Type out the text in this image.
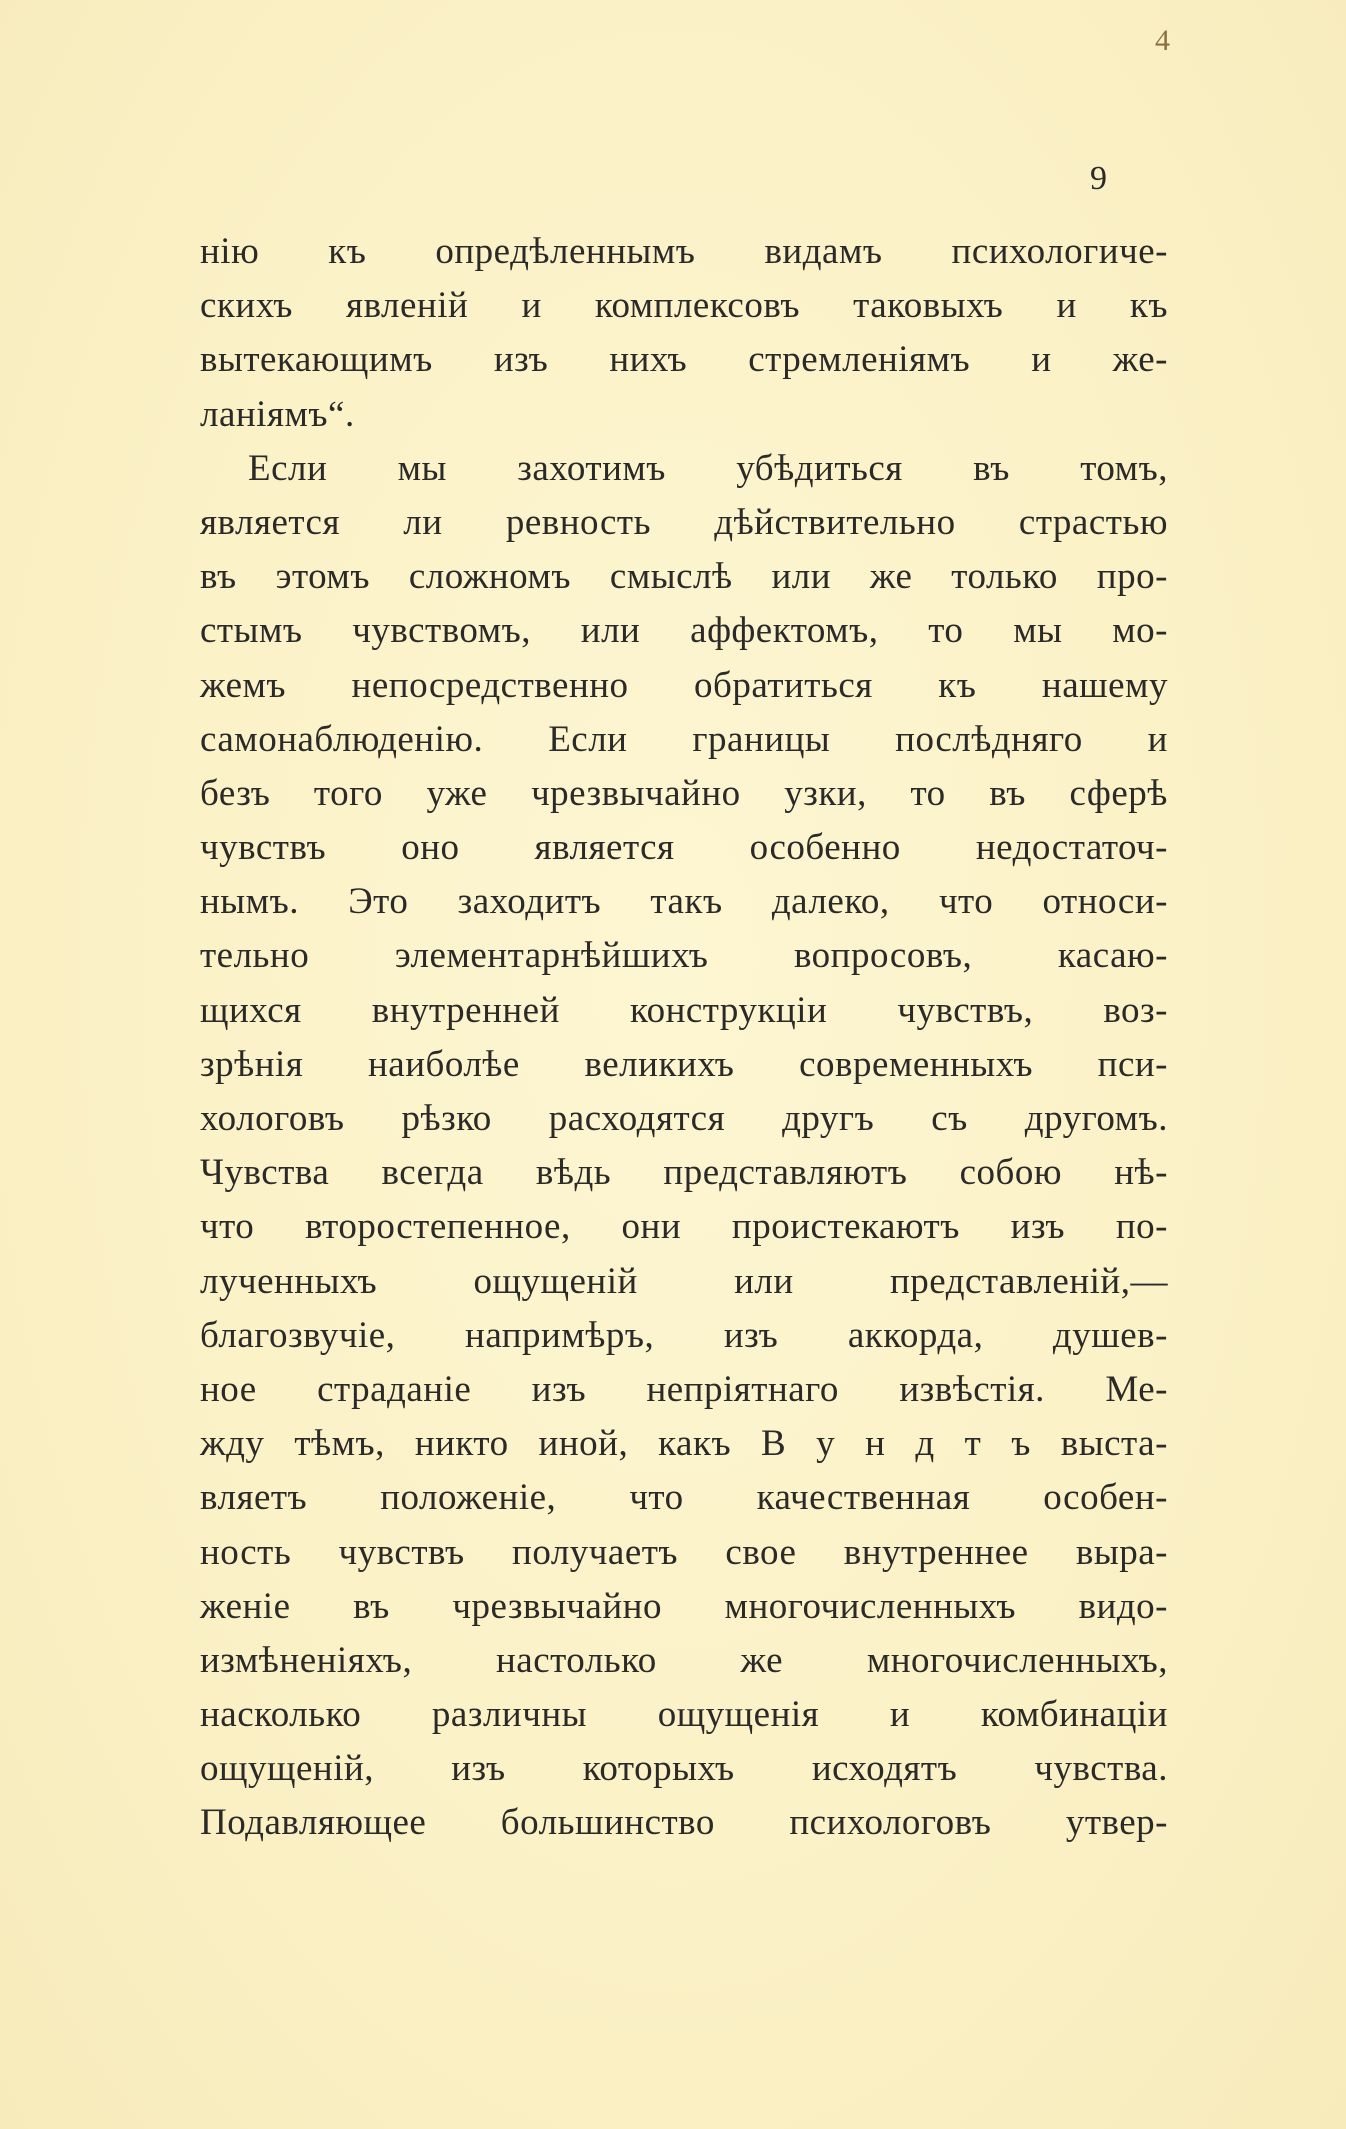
4
9
нію къ опредѣленнымъ видамъ психологиче-
скихъ явленій и комплексовъ таковыхъ и къ
вытекающимъ изъ нихъ стремленіямъ и же-
ланіямъ“.
Если мы захотимъ убѣдиться въ томъ,
является ли ревность дѣйствительно страстью
въ этомъ сложномъ смыслѣ или же только про-
стымъ чувствомъ, или аффектомъ, то мы мо-
жемъ непосредственно обратиться къ нашему
самонаблюденію. Если границы послѣдняго и
безъ того уже чрезвычайно узки, то въ сферѣ
чувствъ оно является особенно недостаточ-
нымъ. Это заходитъ такъ далеко, что относи-
тельно элементарнѣйшихъ вопросовъ, касаю-
щихся внутренней конструкціи чувствъ, воз-
зрѣнія наиболѣе великихъ современныхъ пси-
хологовъ рѣзко расходятся другъ съ другомъ.
Чувства всегда вѣдь представляютъ собою нѣ-
что второстепенное, они проистекаютъ изъ по-
лученныхъ	ощущеній	или	представленій,—
благозвучіе, напримѣръ, изъ аккорда, душев-
ное страданіе изъ непріятнаго извѣстія. Ме-
жду тѣмъ, никто иной, какъ В у н д т ъ выста-
вляетъ положеніе, что качественная особен-
ность чувствъ получаетъ свое внутреннее выра-
женіе въ чрезвычайно многочисленныхъ видо-
измѣненіяхъ, настолько же многочисленныхъ,
насколько различны ощущенія и комбинаціи
ощущеній, изъ которыхъ исходятъ чувства.
Подавляющее большинство психологовъ утвер-
